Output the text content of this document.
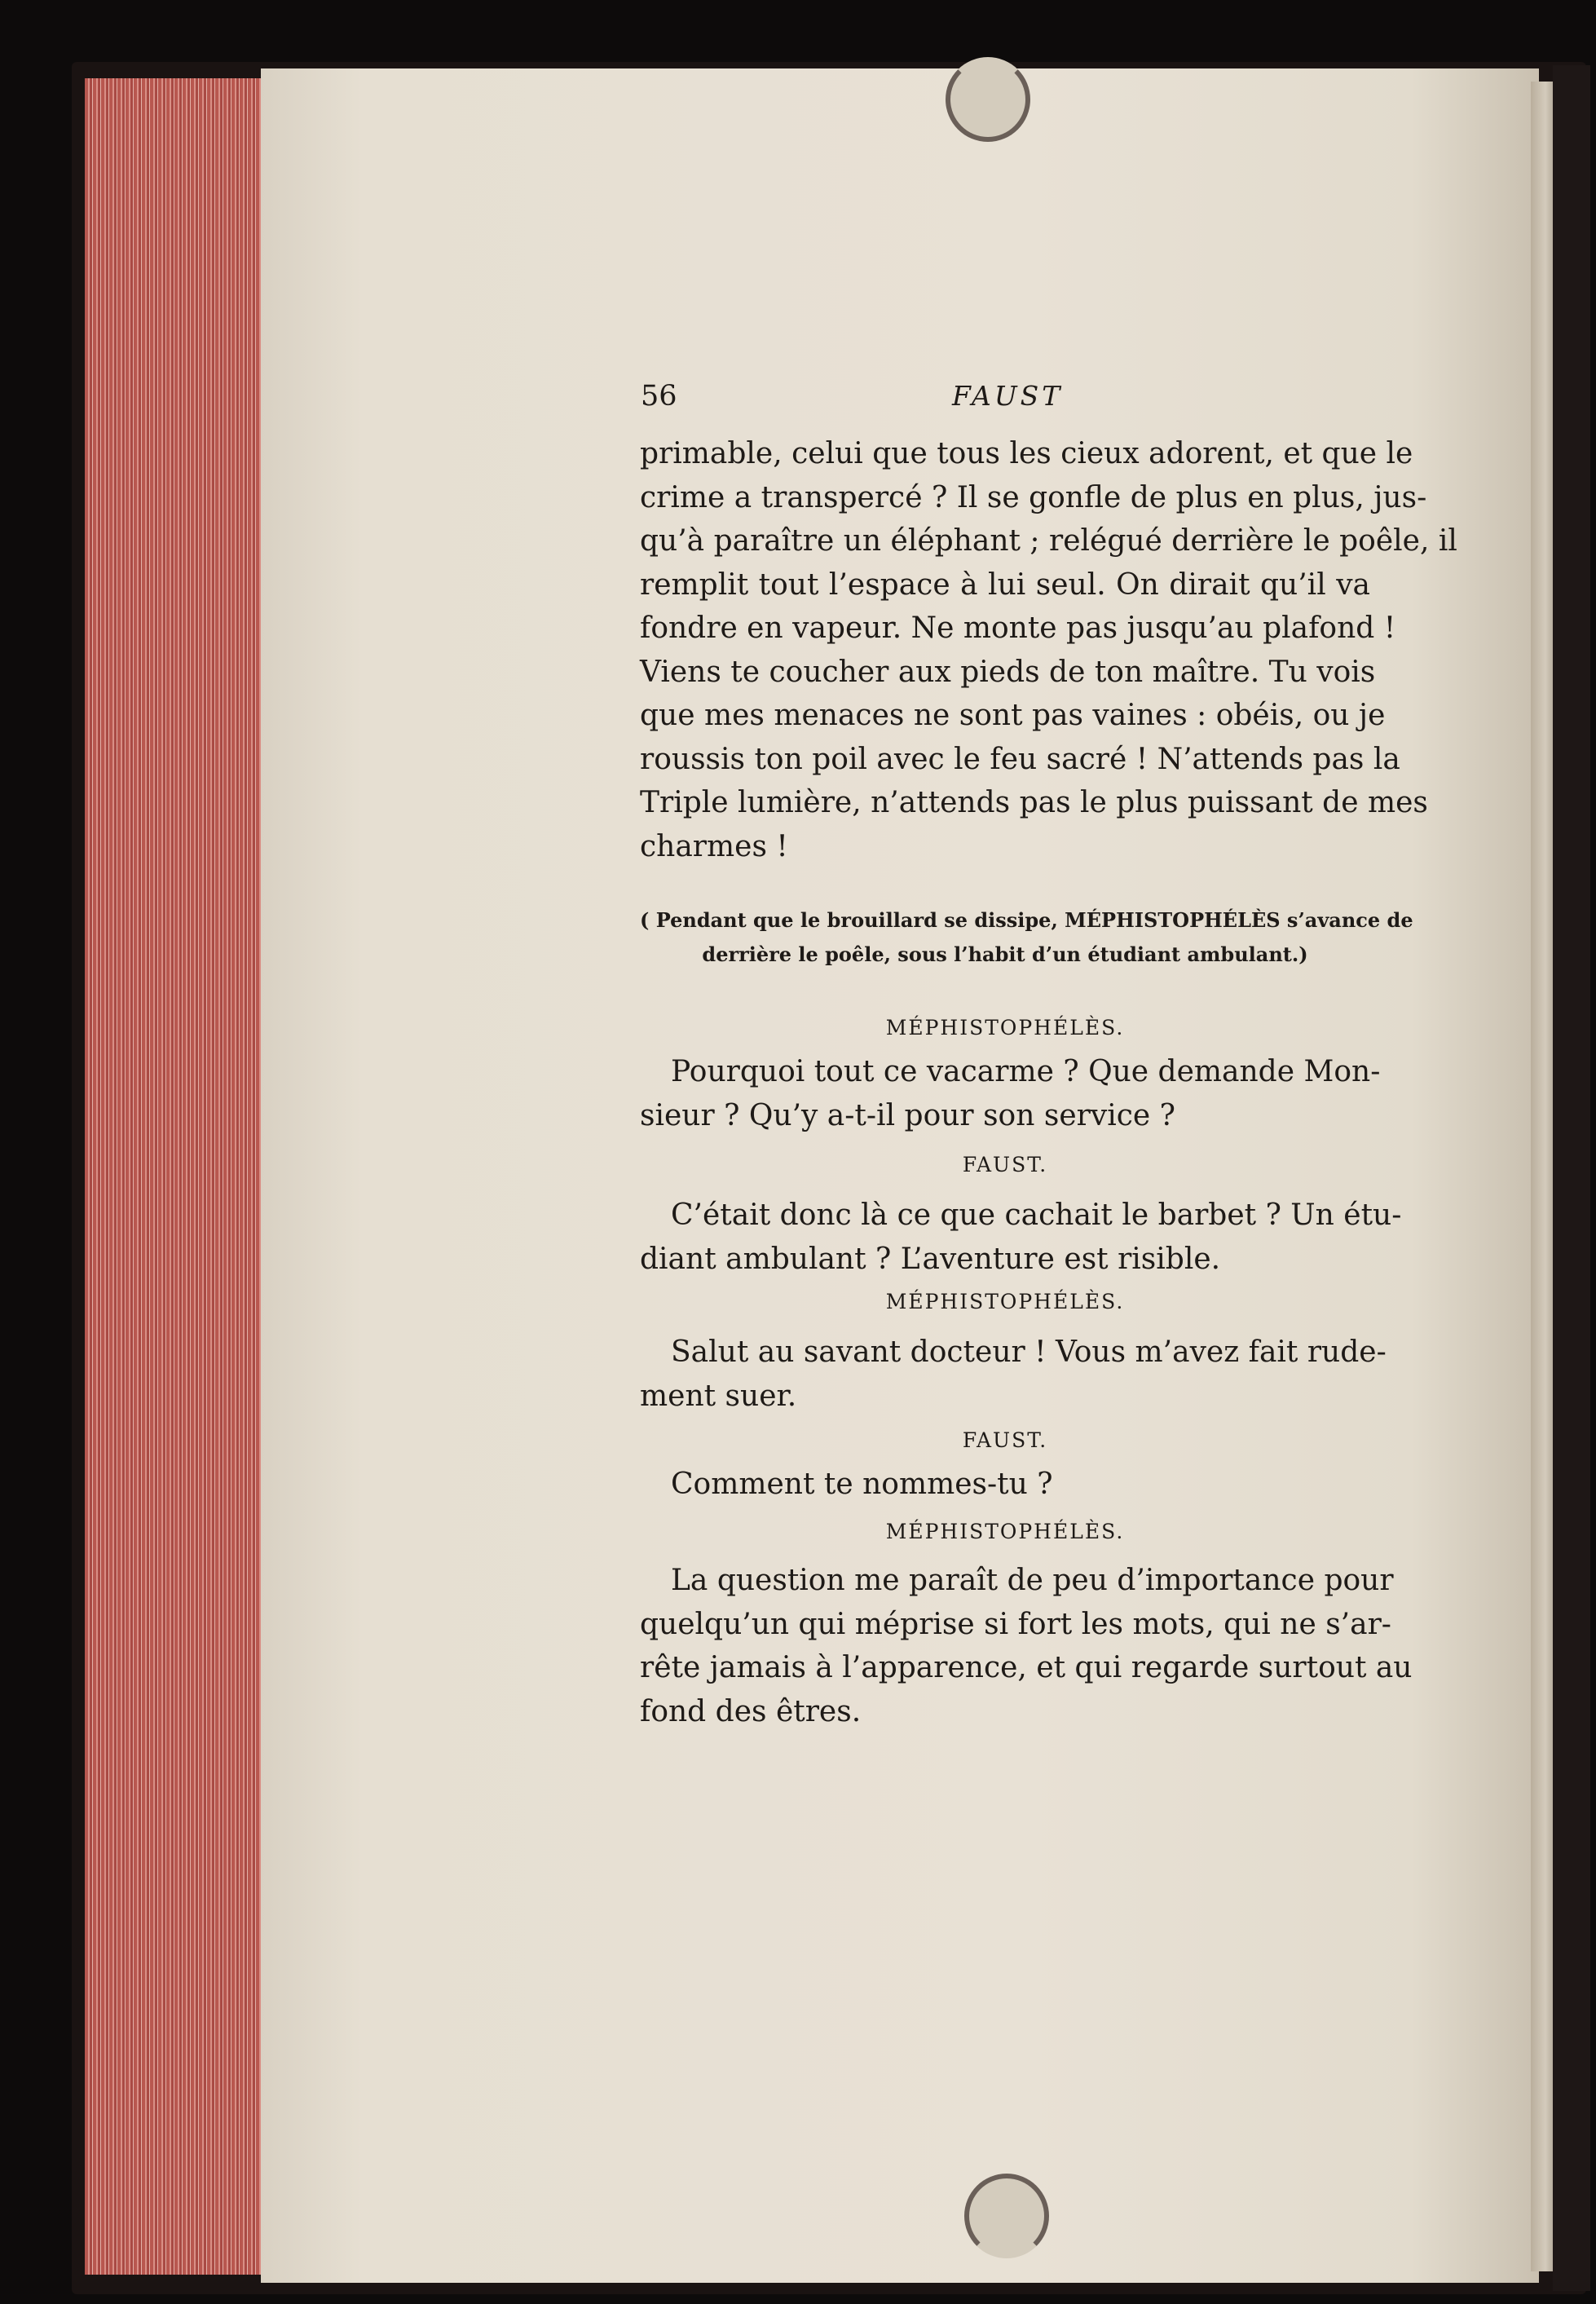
56	FAUST
primable, celui que tous les cieux adorent, et que le
crime a transpercé ? Il se gonfle de plus en plus, jus-
qu’à paraître un éléphant ; relégué derrière le poêle, il
remplit tout l’espace à lui seul. On dirait qu’il va
fondre en vapeur. Ne monte pas jusqu’au plafond !
Viens te coucher aux pieds de ton maître. Tu vois
que mes menaces ne sont pas vaines : obéis, ou je
roussis ton poil avec le feu sacré ! N’attends pas la
Triple lumière, n’attends pas le plus puissant de mes
charmes !
( Pendant que le brouillard se dissipe, MÉPHISTOPHÉLÈS s’avance de
derrière le poêle, sous l’habit d’un étudiant ambulant.)
MÉPHISTOPHÉLÈS.
Pourquoi tout ce vacarme ? Que demande Mon-
sieur ? Qu’y a-t-il pour son service ?
FAUST.
C’était donc là ce que cachait le barbet ? Un étu-
diant ambulant ? L’aventure est risible.
MÉPHISTOPHÉLÈS.
Salut au savant docteur ! Vous m’avez fait rude-
ment suer.
FAUST.
Comment te nommes-tu ?
MÉPHISTOPHÉLÈS.
La question me paraît de peu d’importance pour
quelqu’un qui méprise si fort les mots, qui ne s’ar-
rête jamais à l’apparence, et qui regarde surtout au
fond des êtres.
